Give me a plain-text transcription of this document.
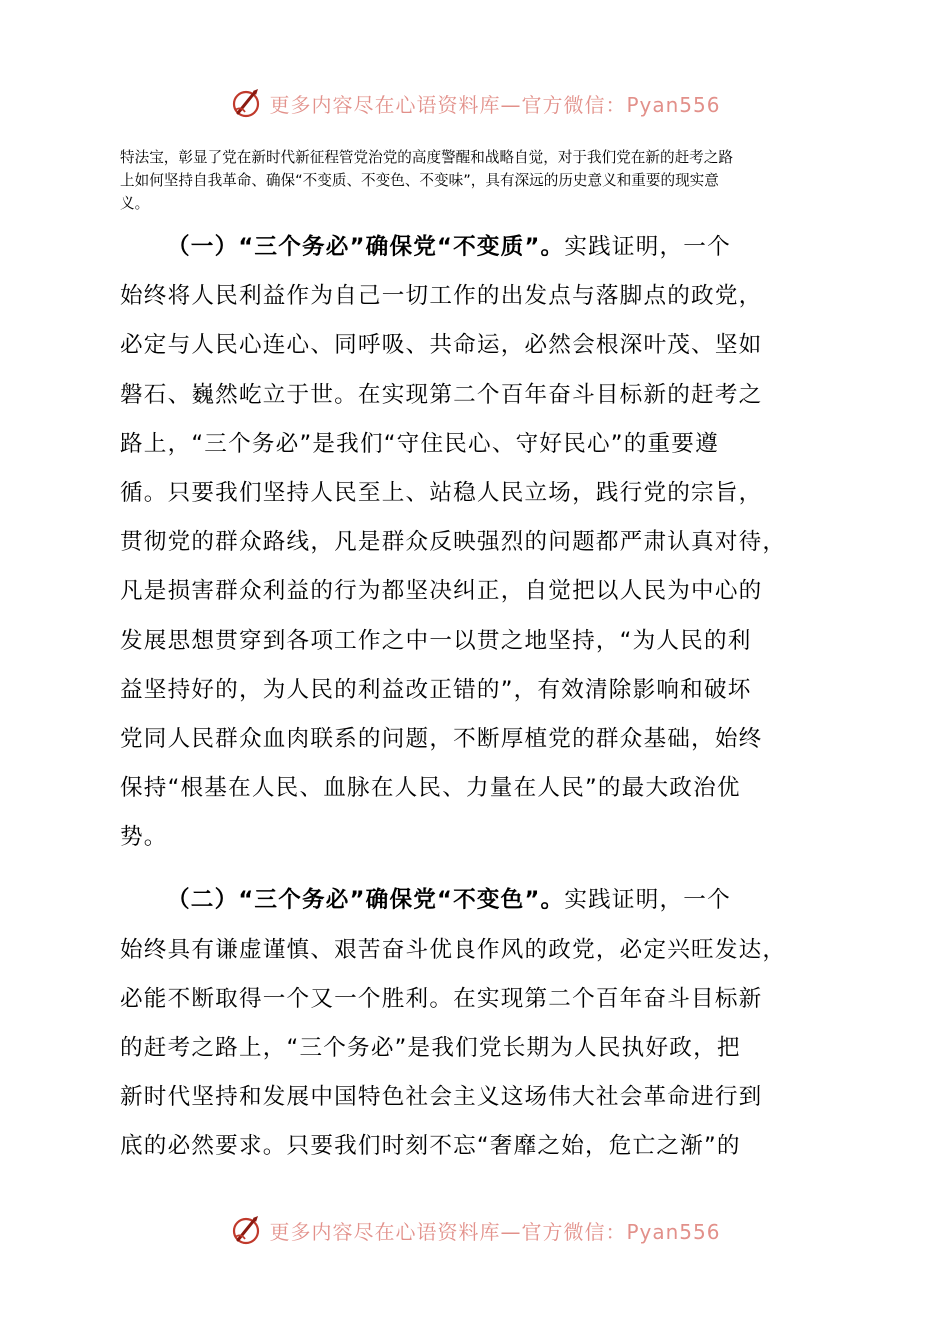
更多内容尽在心语资料库—官方微信：Pyan556
特法宝，彰显了党在新时代新征程管党治党的高度警醒和战略自觉，对于我们党在新的赶考之路
上如何坚持自我革命、确保“不变质、不变色、不变味”，具有深远的历史意义和重要的现实意
义。
（一）“三个务必”确保党“不变质”。实践证明，一个
始终将人民利益作为自己一切工作的出发点与落脚点的政党，
必定与人民心连心、同呼吸、共命运，必然会根深叶茂、坚如
磐石、巍然屹立于世。在实现第二个百年奋斗目标新的赶考之
路上，“三个务必”是我们“守住民心、守好民心”的重要遵
循。只要我们坚持人民至上、站稳人民立场，践行党的宗旨，
贯彻党的群众路线，凡是群众反映强烈的问题都严肃认真对待，
凡是损害群众利益的行为都坚决纠正，自觉把以人民为中心的
发展思想贯穿到各项工作之中一以贯之地坚持，“为人民的利
益坚持好的，为人民的利益改正错的”，有效清除影响和破坏
党同人民群众血肉联系的问题，不断厚植党的群众基础，始终
保持“根基在人民、血脉在人民、力量在人民”的最大政治优
势。
（二）“三个务必”确保党“不变色”。实践证明，一个
始终具有谦虚谨慎、艰苦奋斗优良作风的政党，必定兴旺发达，
必能不断取得一个又一个胜利。在实现第二个百年奋斗目标新
的赶考之路上，“三个务必”是我们党长期为人民执好政，把
新时代坚持和发展中国特色社会主义这场伟大社会革命进行到
底的必然要求。只要我们时刻不忘“奢靡之始，危亡之渐”的
更多内容尽在心语资料库—官方微信：Pyan556
